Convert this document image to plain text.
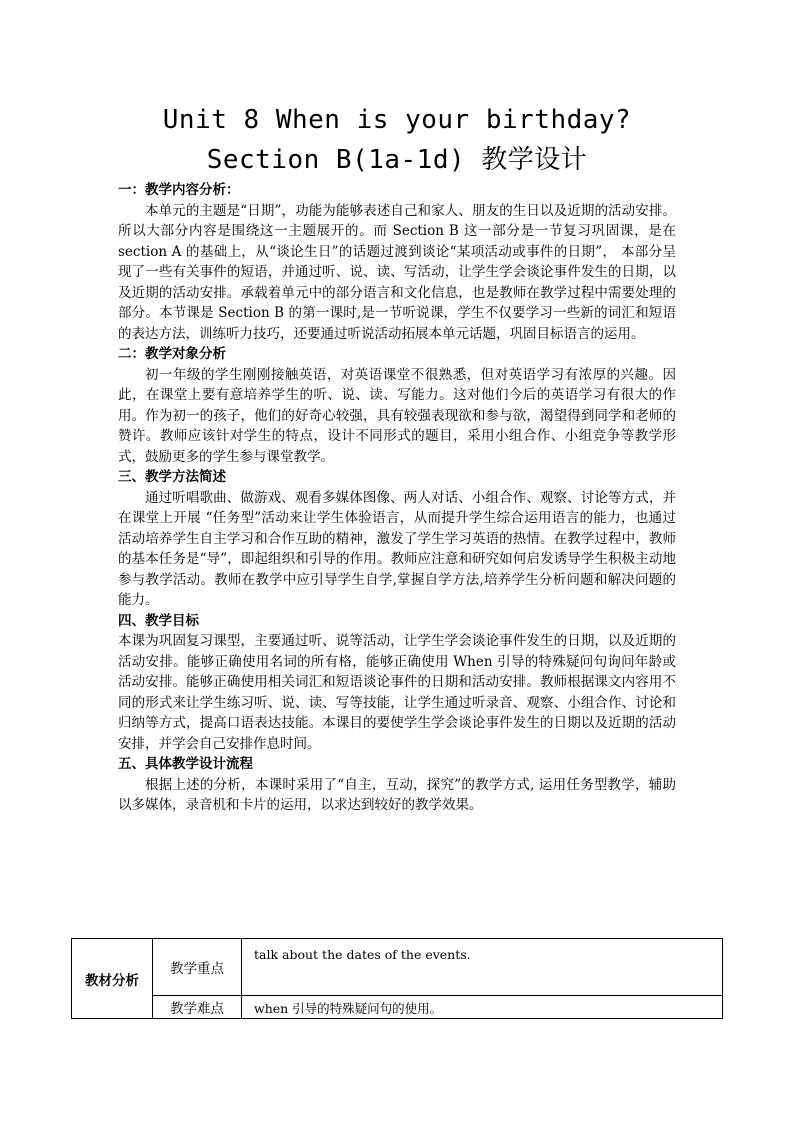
Unit 8 When is your birthday?
Section B(1a-1d) 教学设计

一：教学内容分析：

本单元的主题是“日期”，功能为能够表述自己和家人、朋友的生日以及近期的活动安排。所以大部分内容是围绕这一主题展开的。而 Section B 这一部分是一节复习巩固课，是在 section A 的基础上，从“谈论生日”的话题过渡到谈论“某项活动或事件的日期”， 本部分呈现了一些有关事件的短语，并通过听、说、读、写活动，让学生学会谈论事件发生的日期，以及近期的活动安排。承载着单元中的部分语言和文化信息，也是教师在教学过程中需要处理的部分。本节课是 Section B 的第一课时,是一节听说课，学生不仅要学习一些新的词汇和短语的表达方法，训练听力技巧，还要通过听说活动拓展本单元话题，巩固目标语言的运用。

二：教学对象分析

初一年级的学生刚刚接触英语，对英语课堂不很熟悉，但对英语学习有浓厚的兴趣。因此，在课堂上要有意培养学生的听、说、读、写能力。这对他们今后的英语学习有很大的作用。作为初一的孩子，他们的好奇心较强，具有较强表现欲和参与欲，渴望得到同学和老师的赞许。教师应该针对学生的特点，设计不同形式的题目，采用小组合作、小组竞争等教学形式，鼓励更多的学生参与课堂教学。

三、教学方法简述

通过听唱歌曲、做游戏、观看多媒体图像、两人对话、小组合作、观察、讨论等方式，并在课堂上开展 “任务型”活动来让学生体验语言，从而提升学生综合运用语言的能力，也通过活动培养学生自主学习和合作互助的精神，激发了学生学习英语的热情。在教学过程中，教师的基本任务是“导”，即起组织和引导的作用。教师应注意和研究如何启发诱导学生积极主动地参与教学活动。教师在教学中应引导学生自学,掌握自学方法,培养学生分析问题和解决问题的能力。

四、教学目标

本课为巩固复习课型，主要通过听、说等活动，让学生学会谈论事件发生的日期，以及近期的活动安排。能够正确使用名词的所有格，能够正确使用 When 引导的特殊疑问句询问年龄或活动安排。能够正确使用相关词汇和短语谈论事件的日期和活动安排。教师根据课文内容用不同的形式来让学生练习听、说、读、写等技能，让学生通过听录音、观察、小组合作、讨论和归纳等方式，提高口语表达技能。本课目的要使学生学会谈论事件发生的日期以及近期的活动安排，并学会自己安排作息时间。

五、具体教学设计流程

根据上述的分析，本课时采用了“自主，互动，探究”的教学方式, 运用任务型教学，辅助以多媒体，录音机和卡片的运用，以求达到较好的教学效果。

教材分析	教学重点	talk about the dates of the events.
	教学难点	when 引导的特殊疑问句的使用。
